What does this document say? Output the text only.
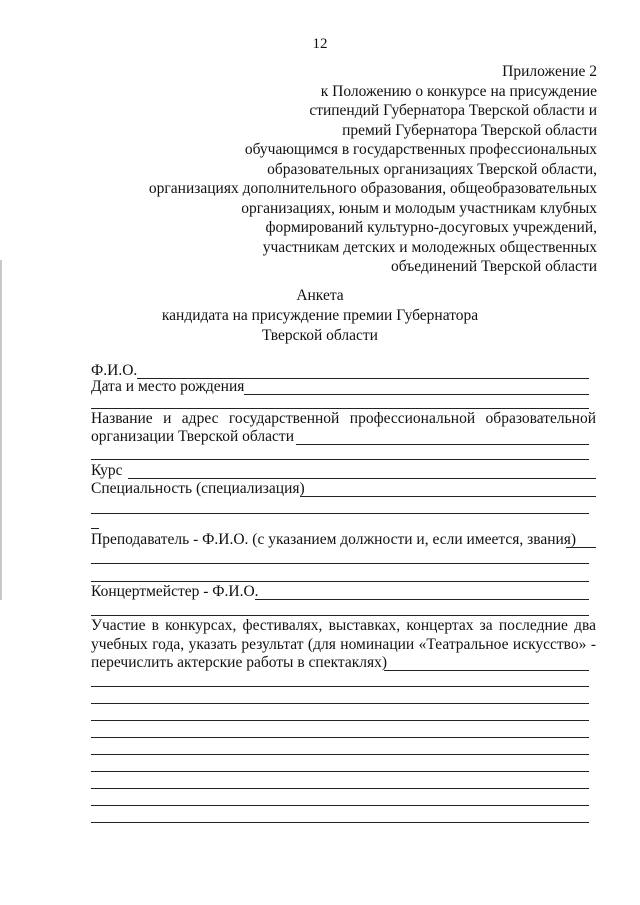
12
Приложение 2
к Положению о конкурсе на присуждение
стипендий Губернатора Тверской области и
премий Губернатора Тверской области
обучающимся в государственных профессиональных
образовательных организациях Тверской области,
организациях дополнительного образования, общеобразовательных
организациях, юным и молодым участникам клубных
формирований культурно-досуговых учреждений,
участникам детских и молодежных общественных
объединений Тверской области
Анкета
кандидата на присуждение премии Губернатора
Тверской области
Ф.И.О.
Дата и место рождения
Название и адрес государственной профессиональной образовательной
организации Тверской области
Курс
Специальность (специализация)
Преподаватель - Ф.И.О. (с указанием должности и, если имеется, звания)
Концертмейстер - Ф.И.О.
Участие в конкурсах, фестивалях, выставках, концертах за последние два
учебных года, указать результат (для номинации «Театральное искусство» -
перечислить актерские работы в спектаклях)
